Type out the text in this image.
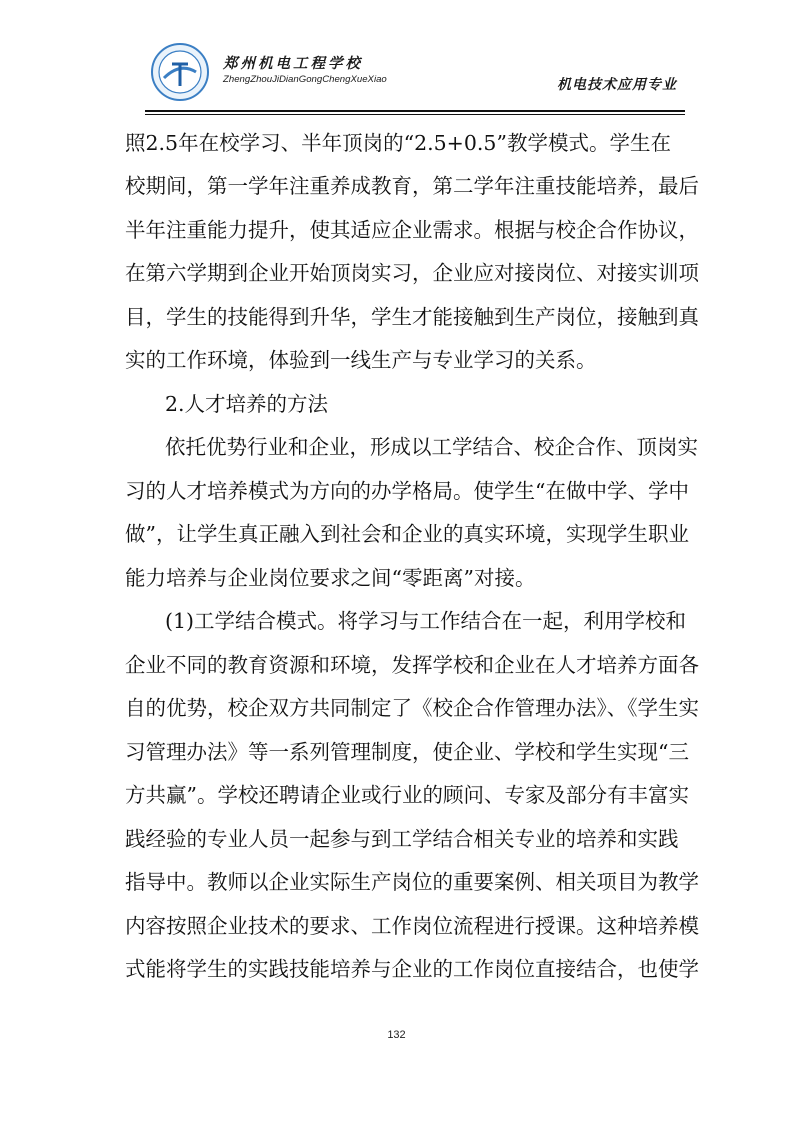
郑州机电工程学校
ZhengZhouJiDianGongChengXueXiao	机电技术应用专业
照2.5年在校学习、半年顶岗的“2.5+0.5”教学模式。学生在
校期间，第一学年注重养成教育，第二学年注重技能培养，最后
半年注重能力提升，使其适应企业需求。根据与校企合作协议，
在第六学期到企业开始顶岗实习，企业应对接岗位、对接实训项
目，学生的技能得到升华，学生才能接触到生产岗位，接触到真
实的工作环境，体验到一线生产与专业学习的关系。
2.人才培养的方法
依托优势行业和企业，形成以工学结合、校企合作、顶岗实
习的人才培养模式为方向的办学格局。使学生“在做中学、学中
做”，让学生真正融入到社会和企业的真实环境，实现学生职业
能力培养与企业岗位要求之间“零距离”对接。
(1)工学结合模式。将学习与工作结合在一起，利用学校和
企业不同的教育资源和环境，发挥学校和企业在人才培养方面各
自的优势，校企双方共同制定了《校企合作管理办法》、《学生实
习管理办法》等一系列管理制度，使企业、学校和学生实现“三
方共赢”。学校还聘请企业或行业的顾问、专家及部分有丰富实
践经验的专业人员一起参与到工学结合相关专业的培养和实践
指导中。教师以企业实际生产岗位的重要案例、相关项目为教学
内容按照企业技术的要求、工作岗位流程进行授课。这种培养模
式能将学生的实践技能培养与企业的工作岗位直接结合，也使学
132
